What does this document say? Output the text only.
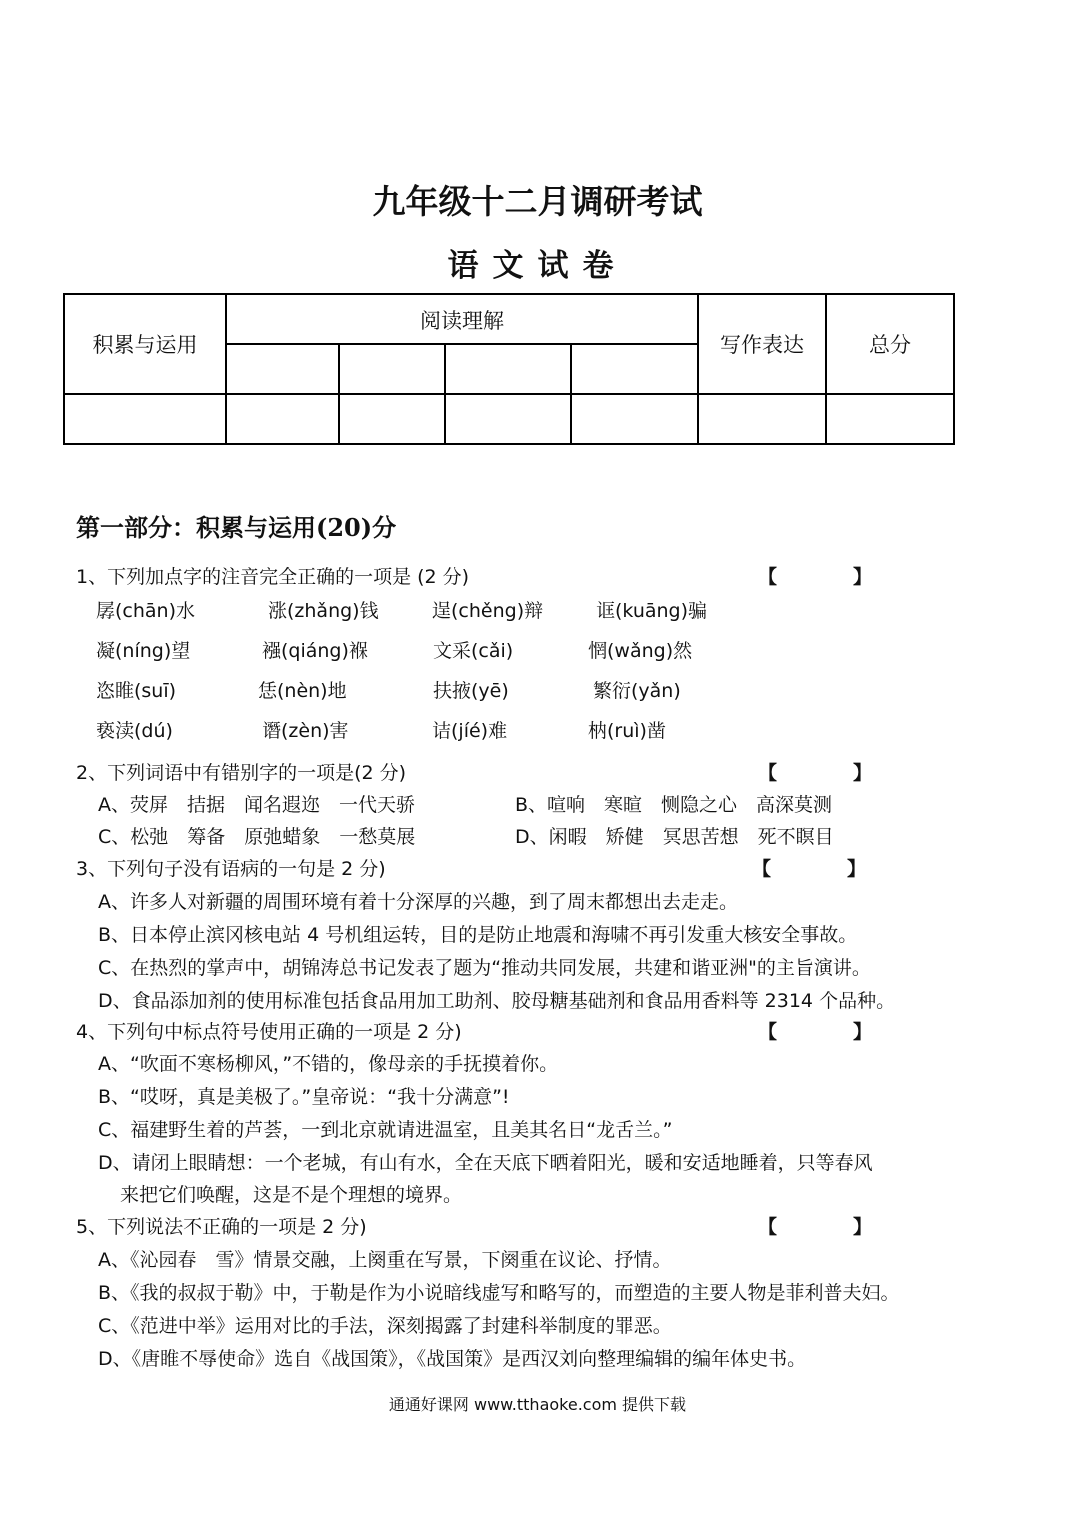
九年级十二月调研考试
语文试卷
积累与运用	阅读理解				写作表达	总分

第一部分：积累与运用(20)分
1、下列加点字的注音完全正确的一项是 (2 分)	【　　　　】
孱(chān)水	涨(zhǎng)钱	逞(chěng)辩	诓(kuāng)骗
凝(níng)望	襁(qiáng)褓	文采(cǎi)	惘(wǎng)然
恣睢(suī)	恁(nèn)地	扶掖(yē)	繁衍(yǎn)
亵渎(dú)	谮(zèn)害	诘(jíé)难	枘(ruì)凿
2、下列词语中有错别字的一项是(2 分)	【　　　　】
A、荧屏　拮据　闻名遐迩　一代天骄	B、喧响　寒暄　恻隐之心　高深莫测
C、松弛　筹备　原弛蜡象　一愁莫展	D、闲暇　矫健　冥思苦想　死不瞑目
3、下列句子没有语病的一句是 2 分)	【　　　　】
A、许多人对新疆的周围环境有着十分深厚的兴趣，到了周末都想出去走走。
B、日本停止滨冈核电站 4 号机组运转，目的是防止地震和海啸不再引发重大核安全事故。
C、在热烈的掌声中，胡锦涛总书记发表了题为“推动共同发展，共建和谐亚洲"的主旨演讲。
D、食品添加剂的使用标准包括食品用加工助剂、胶母糖基础剂和食品用香料等 2314 个品种。
4、下列句中标点符号使用正确的一项是 2 分)	【　　　　】
A、“吹面不寒杨柳风，”不错的，像母亲的手抚摸着你。
B、“哎呀，真是美极了。”皇帝说：“我十分满意”!
C、福建野生着的芦荟，一到北京就请进温室，且美其名日“龙舌兰。”
D、请闭上眼睛想：一个老城，有山有水，全在天底下晒着阳光，暖和安适地睡着，只等春风
来把它们唤醒，这是不是个理想的境界。
5、下列说法不正确的一项是 2 分)	【　　　　】
A、《沁园春　雪》情景交融，上阕重在写景，下阕重在议论、抒情。
B、《我的叔叔于勒》中，于勒是作为小说暗线虚写和略写的，而塑造的主要人物是菲利普夫妇。
C、《范进中举》运用对比的手法，深刻揭露了封建科举制度的罪恶。
D、《唐睢不辱使命》选自《战国策》，《战国策》是西汉刘向整理编辑的编年体史书。
通通好课网 www.tthaoke.com 提供下载
